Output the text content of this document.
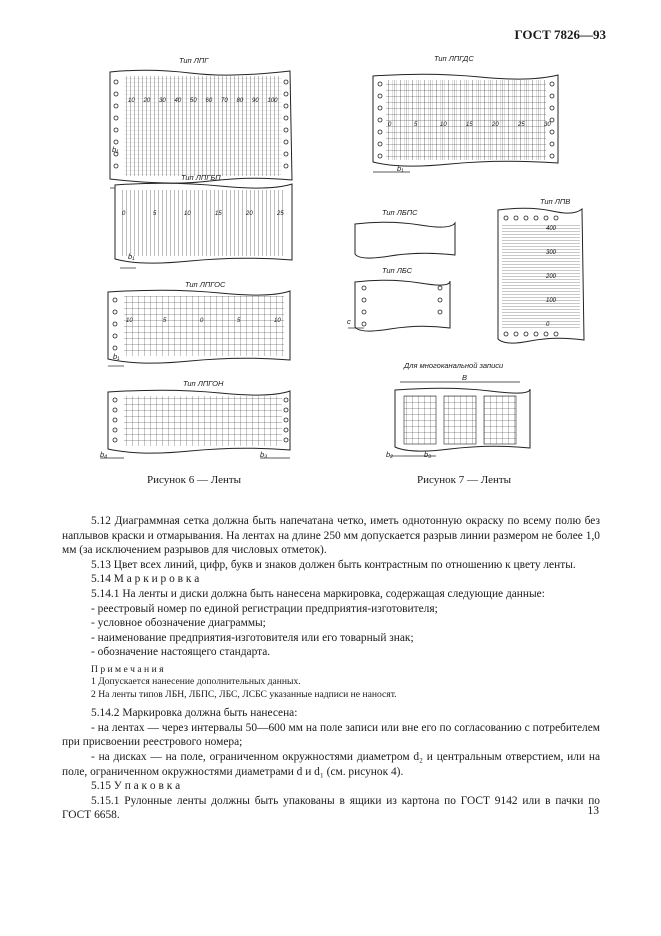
ГОСТ 7826—93
10 20 30 40 50 60 70 80 90 100
0	5	10	15	20	25
10	5	0	5	10
Тип ЛПГ
Тип ЛПГБП
Тип ЛПГОС
Тип ЛПГОН
b₁
b₁
b₁
b₄	b₃
Рисунок 6 — Ленты
0	5	10	15	20	25	30
400
300
200
100
0
Тип ЛПГДС
Тип ЛБПС
Тип ЛБС
Тип ЛПВ
Для многоканальной записи
b₁
c
B
b₂	b₃
Рисунок 7 — Ленты

5.12 Диаграммная сетка должна быть напечатана четко, иметь однотонную окраску по всему полю без наплывов краски и отмарывания. На лентах на длине 250 мм допускается разрыв линии размером не более 1,0 мм (за исключением разрывов для числовых отметок).

5.13 Цвет всех линий, цифр, букв и знаков должен быть контрастным по отношению к цвету ленты.

5.14 М а р к и р о в к а

5.14.1 На ленты и диски должна быть нанесена маркировка, содержащая следующие данные:

- реестровый номер по единой регистрации предприятия-изготовителя;

- условное обозначение диаграммы;

- наименование предприятия-изготовителя или его товарный знак;

- обозначение настоящего стандарта.

П р и м е ч а н и я

1 Допускается нанесение дополнительных данных.

2 На ленты типов ЛБН, ЛБПС, ЛБС, ЛСБС указанные надписи не наносят.

5.14.2 Маркировка должна быть нанесена:

- на лентах — через интервалы 50—600 мм на поле записи или вне его по согласованию с потребителем при присвоении реестрового номера;

- на дисках — на поле, ограниченном окружностями диаметром d₂ и центральным отверстием, или на поле, ограниченном окружностями диаметрами d и d₁ (см. рисунок 4).

5.15 У п а к о в к а

5.15.1 Рулонные ленты должны быть упакованы в ящики из картона по ГОСТ 9142 или в пачки по ГОСТ 6658.	13
